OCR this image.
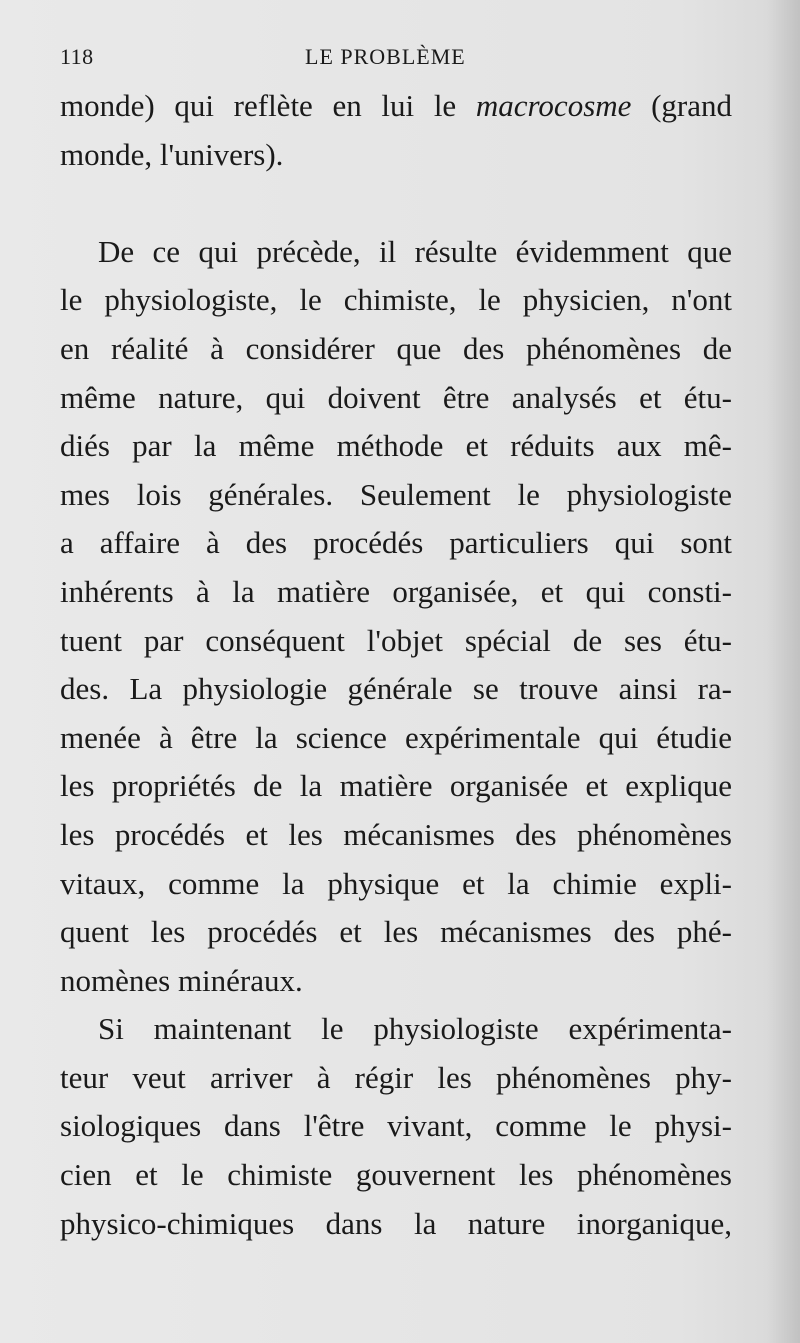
118	LE PROBLÈME
monde) qui reflète en lui le macrocosme (grand
monde, l'univers).
De ce qui précède, il résulte évidemment que
le physiologiste, le chimiste, le physicien, n'ont
en réalité à considérer que des phénomènes de
même nature, qui doivent être analysés et étu-
diés par la même méthode et réduits aux mê-
mes lois générales. Seulement le physiologiste
a affaire à des procédés particuliers qui sont
inhérents à la matière organisée, et qui consti-
tuent par conséquent l'objet spécial de ses étu-
des. La physiologie générale se trouve ainsi ra-
menée à être la science expérimentale qui étudie
les propriétés de la matière organisée et explique
les procédés et les mécanismes des phénomènes
vitaux, comme la physique et la chimie expli-
quent les procédés et les mécanismes des phé-
nomènes minéraux.
Si maintenant le physiologiste expérimenta-
teur veut arriver à régir les phénomènes phy-
siologiques dans l'être vivant, comme le physi-
cien et le chimiste gouvernent les phénomènes
physico-chimiques dans la nature inorganique,
